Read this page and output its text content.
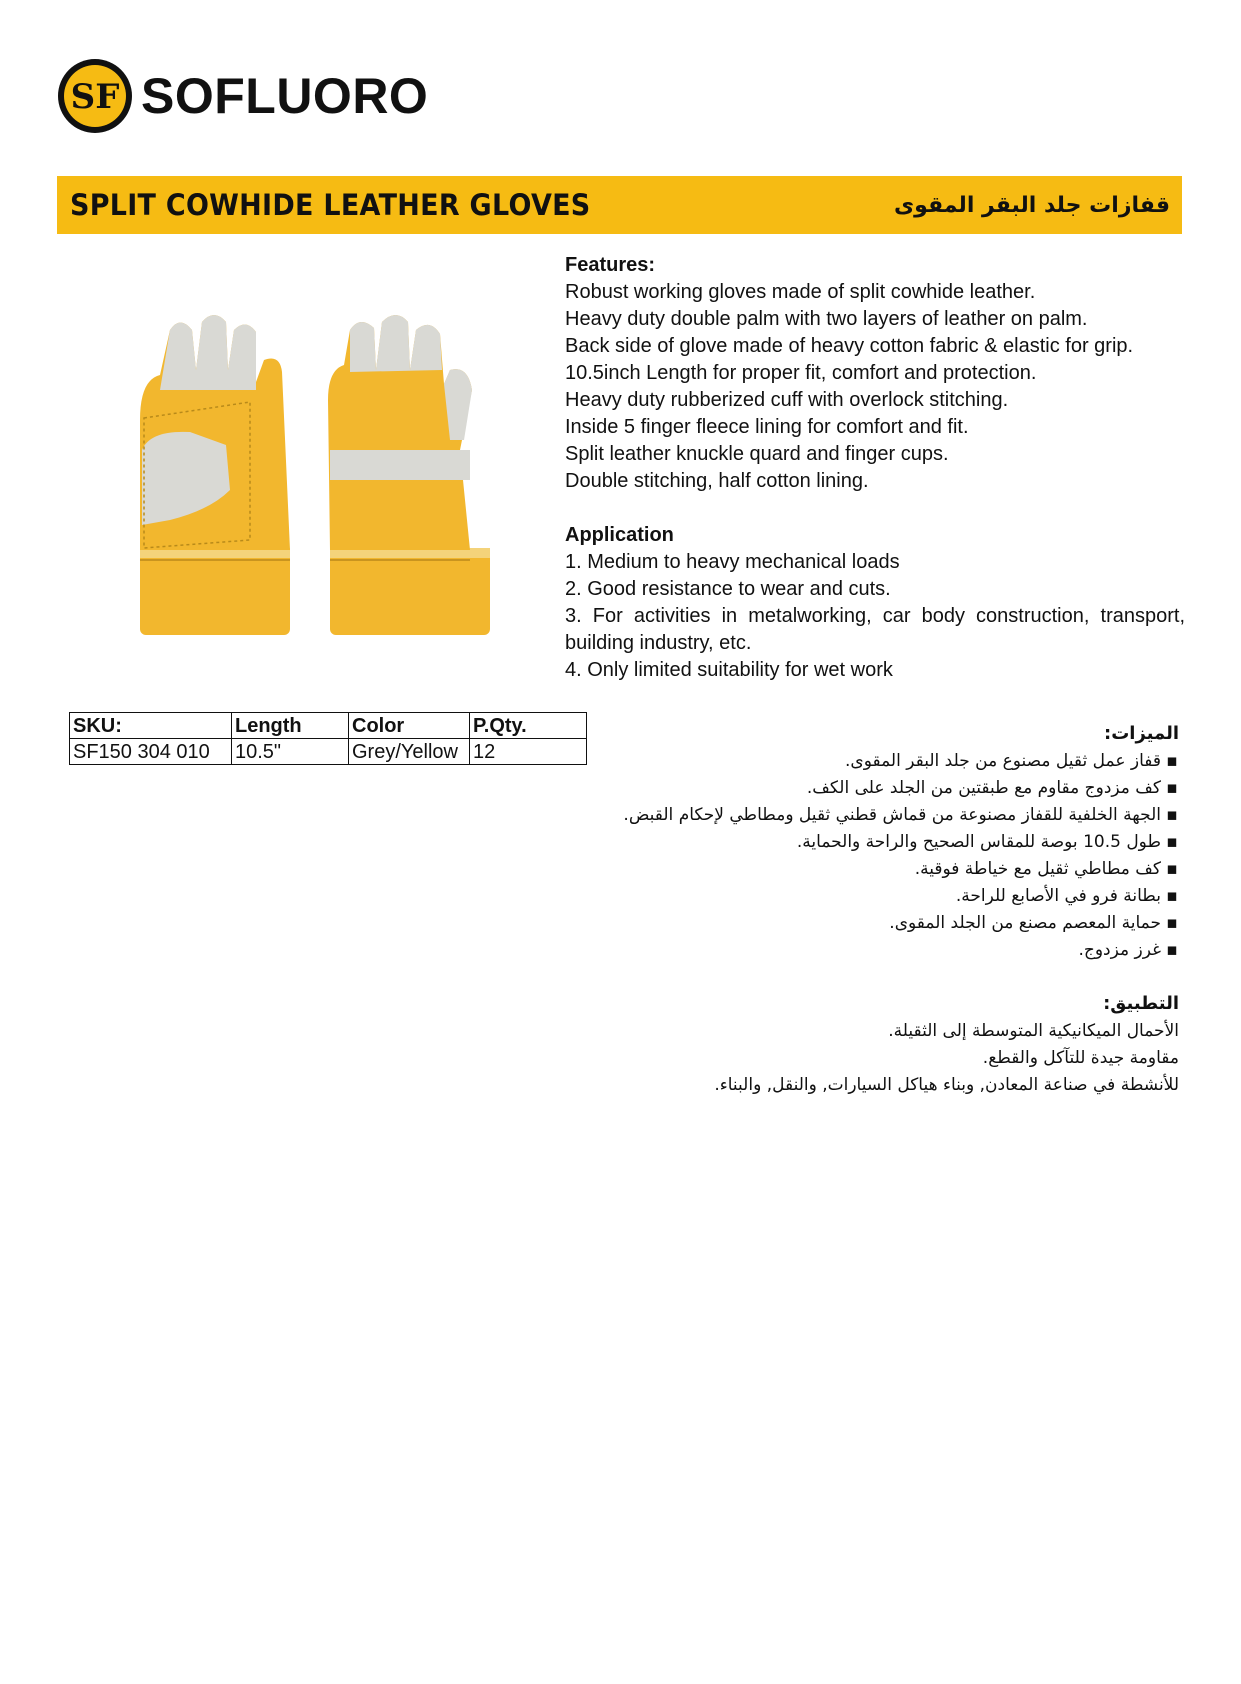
SF SOFLUORO
SPLIT COWHIDE LEATHER GLOVES	قفازات جلد البقر المقوى
Features:
Robust working gloves made of split cowhide leather.
Heavy duty double palm with two layers of leather on palm.
Back side of glove made of heavy cotton fabric & elastic for grip.
10.5inch Length for proper fit, comfort and protection.
Heavy duty rubberized cuff with overlock stitching.
Inside 5 finger fleece lining for comfort and fit.
Split leather knuckle quard and finger cups.
Double stitching, half cotton lining.
Application
1. Medium to heavy mechanical loads
2. Good resistance to wear and cuts.
3. For activities in metalworking, car body construction, transport, building industry, etc.
4. Only limited suitability for wet work
SKU:	Length	Color	P.Qty.
SF150 304 010	10.5"	Grey/Yellow	12
الميزات:
▪قفاز عمل ثقيل مصنوع من جلد البقر المقوى.
▪كف مزدوج مقاوم مع طبقتين من الجلد على الكف.
▪الجهة الخلفية للقفاز مصنوعة من قماش قطني ثقيل ومطاطي لإحكام القبض.
▪طول 10.5 بوصة للمقاس الصحيح والراحة والحماية.
▪كف مطاطي ثقيل مع خياطة فوقية.
▪بطانة فرو في الأصابع للراحة.
▪حماية المعصم مصنع من الجلد المقوى.
▪غرز مزدوج.
التطبيق:
الأحمال الميكانيكية المتوسطة إلى الثقيلة.
مقاومة جيدة للتآكل والقطع.
للأنشطة في صناعة المعادن, وبناء هياكل السيارات, والنقل, والبناء.
